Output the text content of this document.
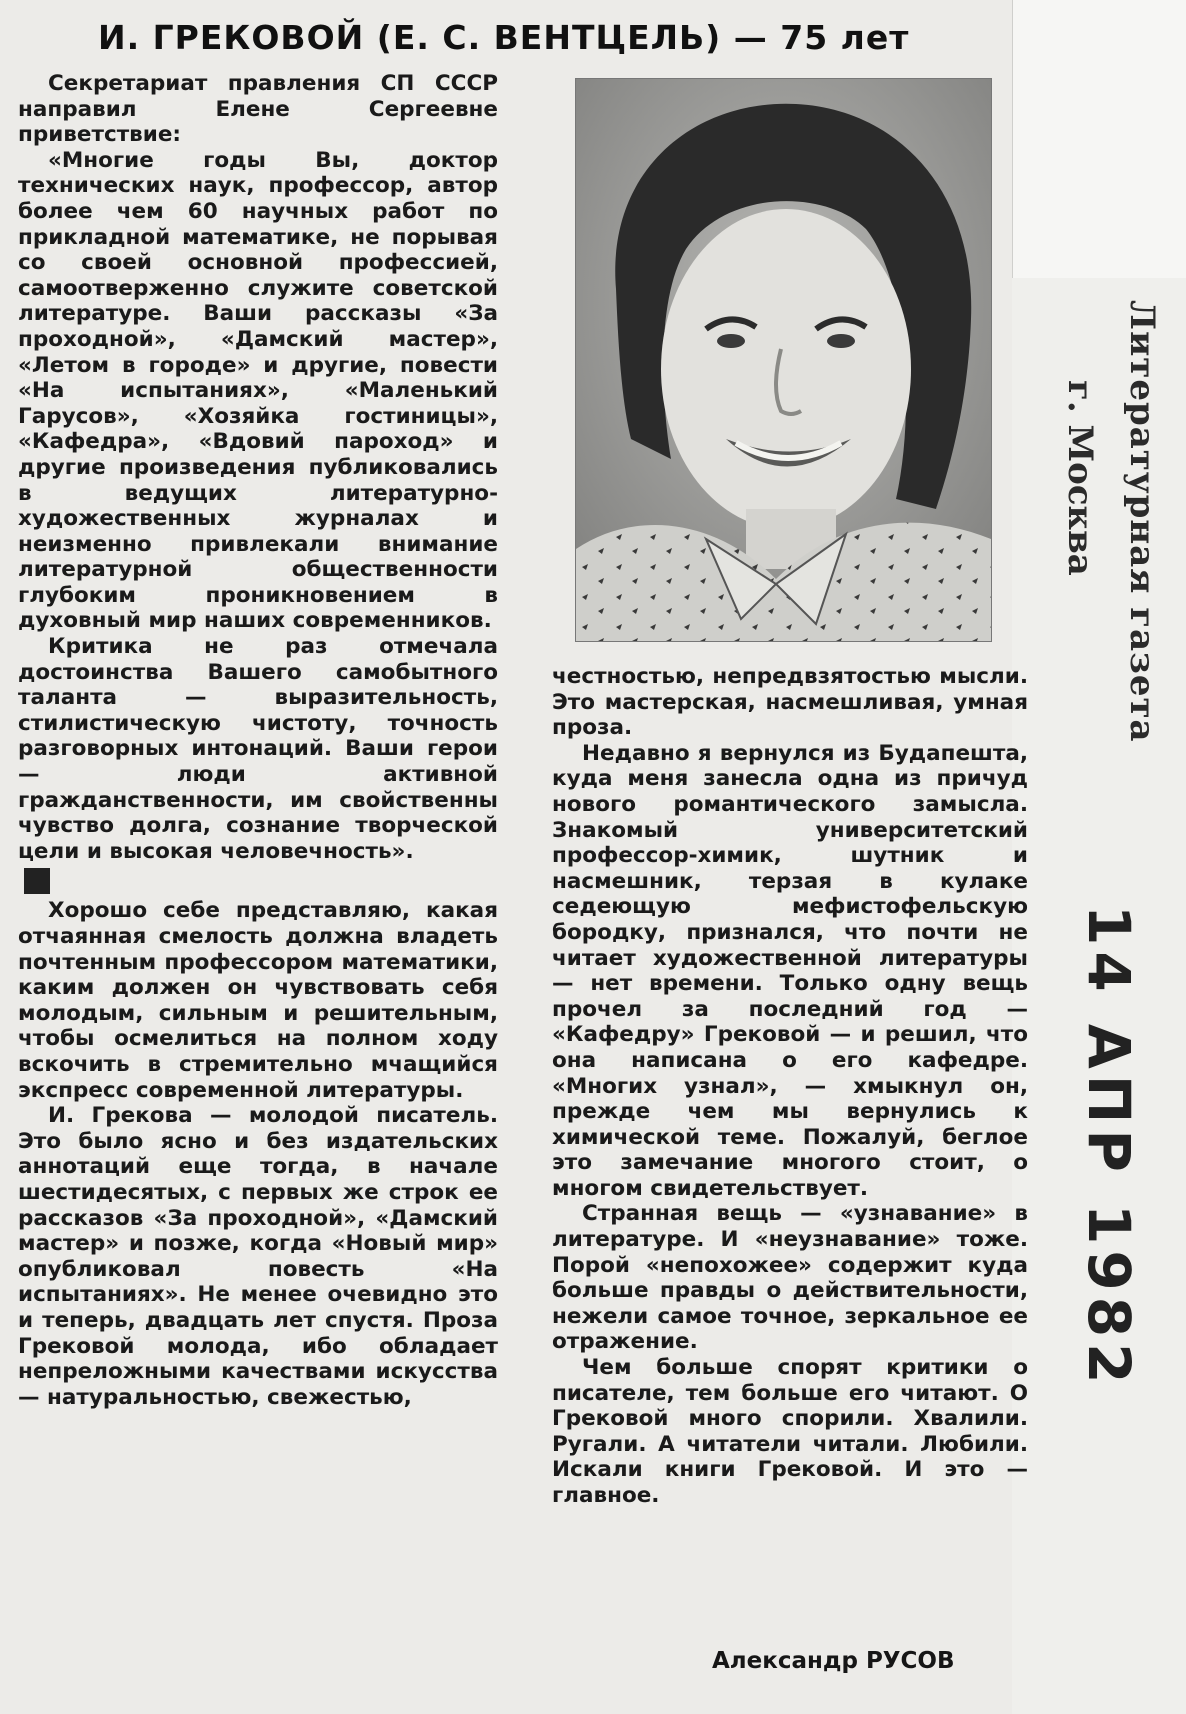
И. ГРЕКОВОЙ (Е. С. ВЕНТЦЕЛЬ) — 75 лет

Секретариат правления СП СССР направил Елене Сергеевне приветствие:

«Многие годы Вы, доктор технических наук, профессор, автор более чем 60 научных работ по прикладной математике, не порывая со своей основной профессией, самоотверженно служите советской литературе. Ваши рассказы «За проходной», «Дамский мастер», «Летом в городе» и другие, повести «На испытаниях», «Маленький Гарусов», «Хозяйка гостиницы», «Кафедра», «Вдовий пароход» и другие произведения публиковались в ведущих литературно-художественных журналах и неизменно привлекали внимание литературной общественности глубоким проникновением в духовный мир наших современников.

Критика не раз отмечала достоинства Вашего самобытного таланта — выразительность, стилистическую чистоту, точность разговорных интонаций. Ваши герои — люди активной гражданственности, им свойственны чувство долга, сознание творческой цели и высокая человечность».

Хорошо себе представляю, какая отчаянная смелость должна владеть почтенным профессором математики, каким должен он чувствовать себя молодым, сильным и решительным, чтобы осмелиться на полном ходу вскочить в стремительно мчащийся экспресс современной литературы.

И. Грекова — молодой писатель. Это было ясно и без издательских аннотаций еще тогда, в начале шестидесятых, с первых же строк ее рассказов «За проходной», «Дамский мастер» и позже, когда «Новый мир» опубликовал повесть «На испытаниях». Не менее очевидно это и теперь, двадцать лет спустя. Проза Грековой молода, ибо обладает непреложными качествами искусства — натуральностью, свежестью,

честностью, непредвзятостью мысли. Это мастерская, насмешливая, умная проза.

Недавно я вернулся из Будапешта, куда меня занесла одна из причуд нового романтического замысла. Знакомый университетский профессор-химик, шутник и насмешник, терзая в кулаке седеющую мефистофельскую бородку, признался, что почти не читает художественной литературы — нет времени. Только одну вещь прочел за последний год — «Кафедру» Грековой — и решил, что она написана о его кафедре. «Многих узнал», — хмыкнул он, прежде чем мы вернулись к химической теме. Пожалуй, беглое это замечание многого стоит, о многом свидетельствует.

Странная вещь — «узнавание» в литературе. И «неузнавание» тоже. Порой «непохожее» содержит куда больше правды о действительности, нежели самое точное, зеркальное ее отражение.

Чем больше спорят критики о писателе, тем больше его читают. О Грековой много спорили. Хвалили. Ругали. А читатели читали. Любили. Искали книги Грековой. И это — главное.

Александр РУСОВ
Литературная газета
г. Москва
14 АПР 1982
